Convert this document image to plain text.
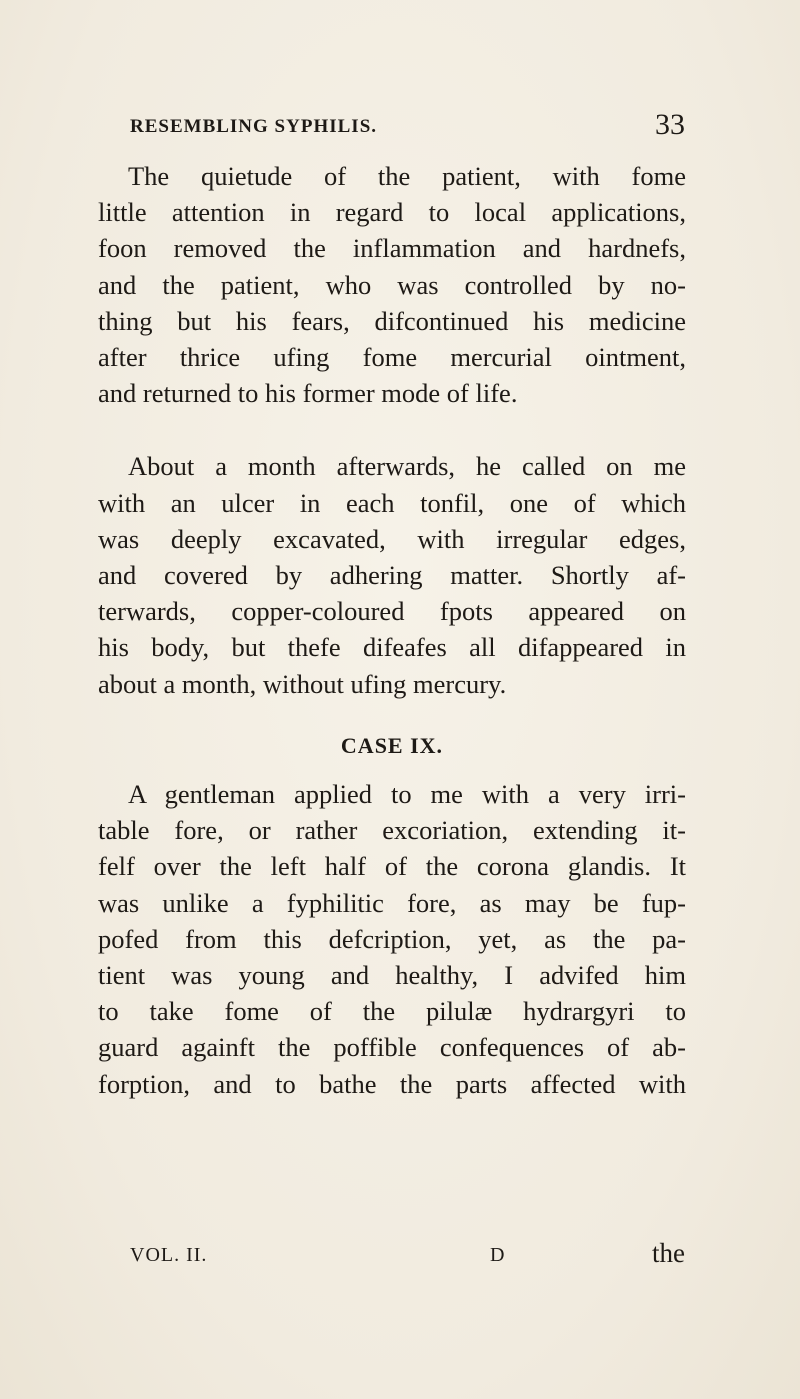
RESEMBLING SYPHILIS.	33
The quietude of the patient, with fome
little attention in regard to local applications,
foon removed the inflammation and hardnefs,
and the patient, who was controlled by no-
thing but his fears, difcontinued his medicine
after thrice ufing fome mercurial ointment,
and returned to his former mode of life.
About a month afterwards, he called on me
with an ulcer in each tonfil, one of which
was deeply excavated, with irregular edges,
and covered by adhering matter. Shortly af-
terwards, copper-coloured fpots appeared on
his body, but thefe difeafes all difappeared in
about a month, without ufing mercury.
CASE IX.
A gentleman applied to me with a very irri-
table fore, or rather excoriation, extending it-
felf over the left half of the corona glandis. It
was unlike a fyphilitic fore, as may be fup-
pofed from this defcription, yet, as the pa-
tient was young and healthy, I advifed him
to take fome of the pilulæ hydrargyri to
guard againft the poffible confequences of ab-
forption, and to bathe the parts affected with
VOL. II.	D	the
